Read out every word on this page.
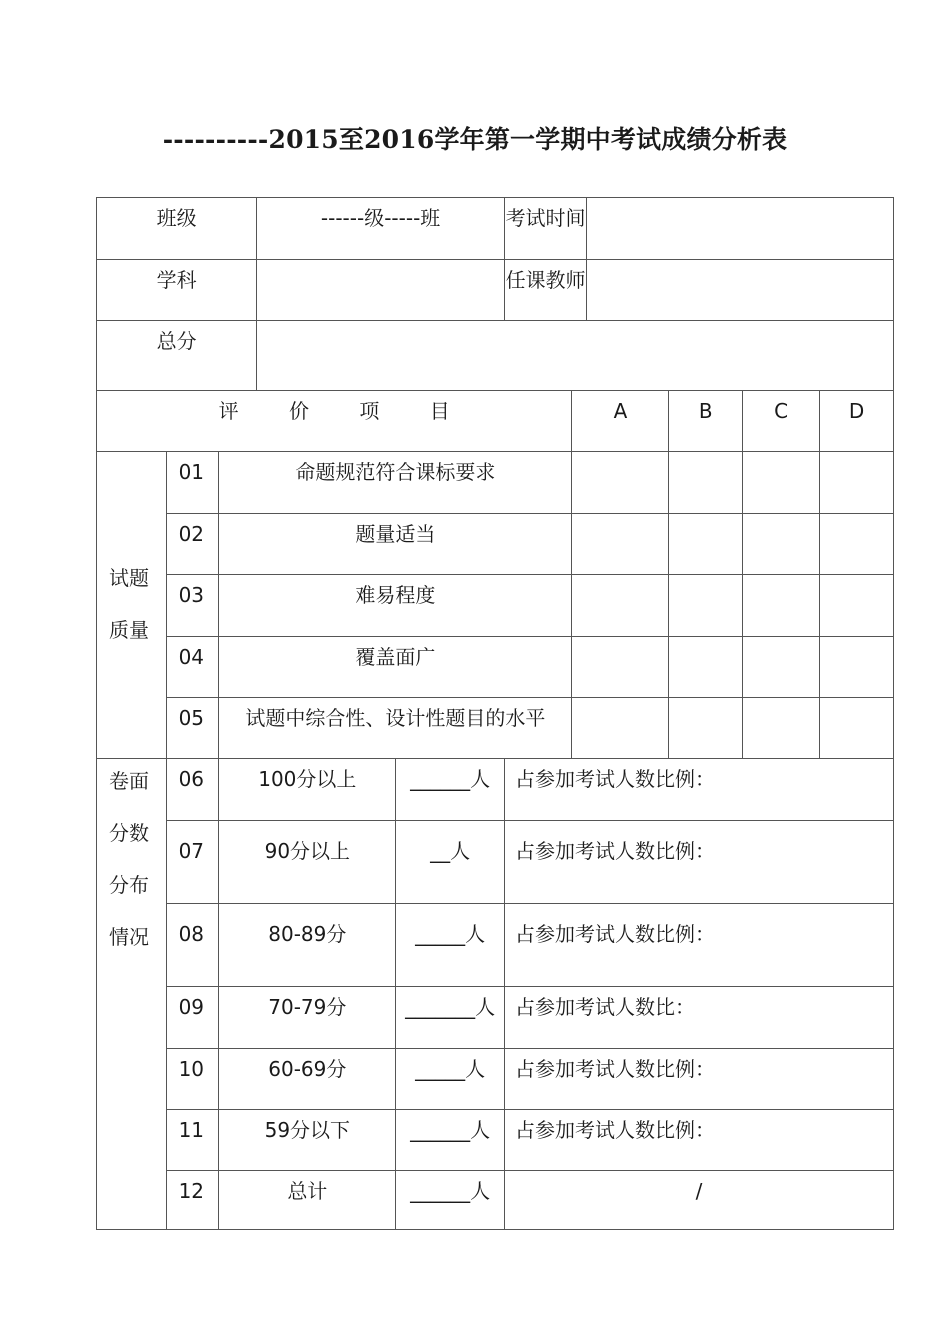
----------2015至2016学年第一学期中考试成绩分析表
班级			------级-----班		考试时间					
学科					任课教师					
总分										
评 价 项 目						A		B	C	D

试题
质量	01	命题规范符合课标要求								
	02	题量适当								
	03	难易程度								
	04	覆盖面广								
	05	试题中综合性、设计性题目的水平								

卷面
分数
分布
情况	06	100分以上		______人	占参加考试人数比例：					
	07	90分以上		__人	占参加考试人数比例：					
	08	80-89分		_____人	占参加考试人数比例：					
	09	70-79分		_______人	占参加考试人数比：					
	10	60-69分		_____人	占参加考试人数比例：					
	11	59分以下		______人	占参加考试人数比例：					
	12	总计		______人	/					
